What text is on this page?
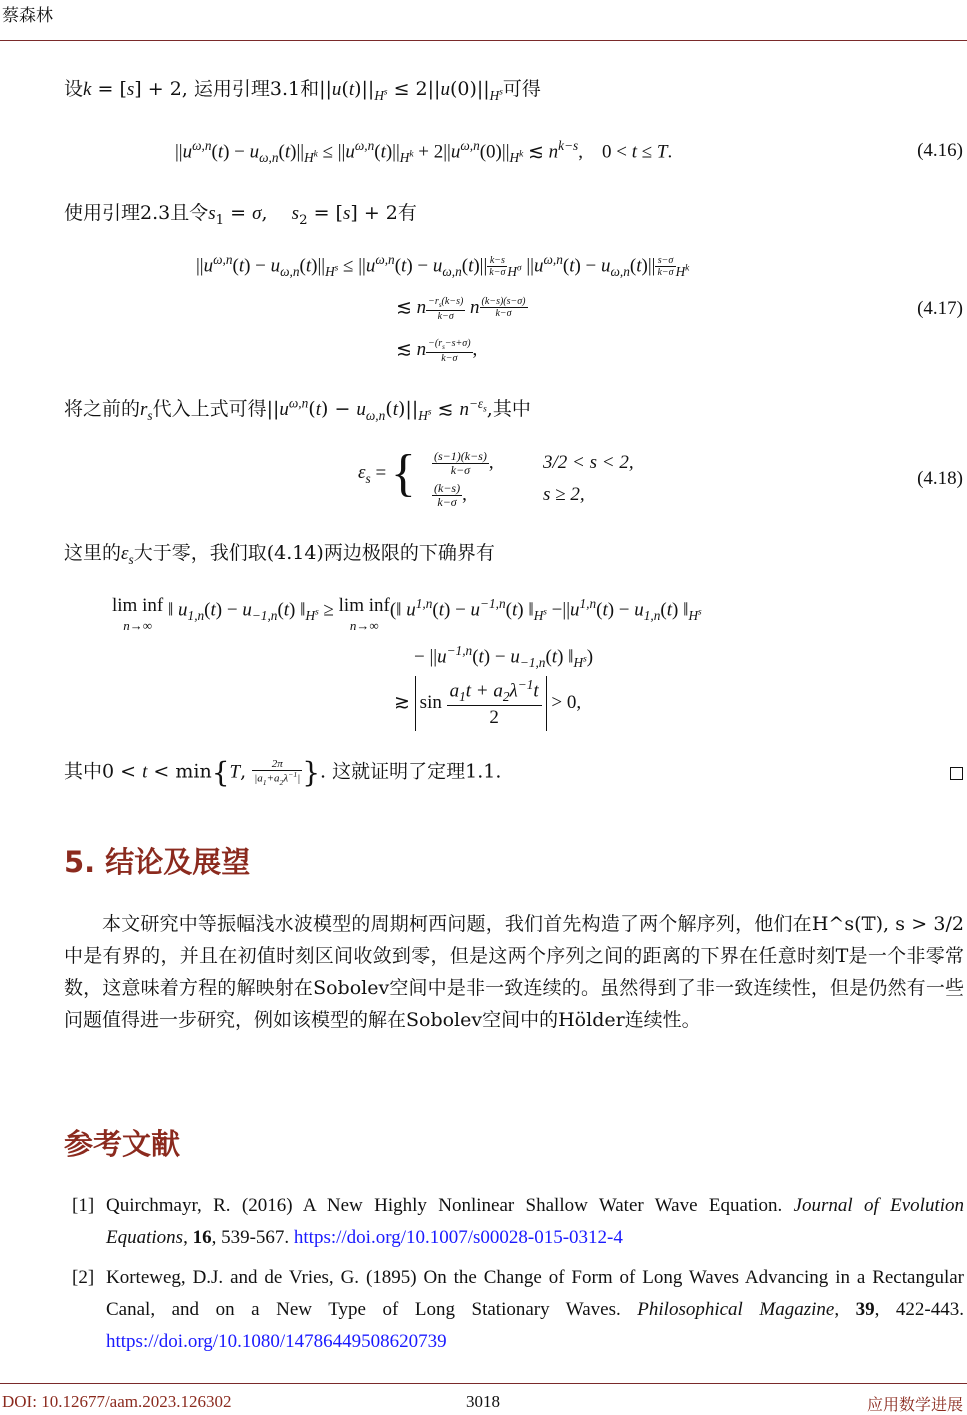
蔡森林
设k = [s] + 2, 运用引理3.1和$||u(t)||_{H^s} \le 2||u(0)||_{H^s}$可得
$||u^{\omega,n}(t) - u_{\omega,n}(t)||_{H^k} \le ||u^{\omega,n}(t)||_{H^k} + 2||u^{\omega,n}(0)||_{H^k}$ ≲ $n^{k-s}$,    0 < t ≤ T.	(4.16)
使用引理2.3且令$s_1 = \sigma$,    $s_2 = [s] + 2$有
$||u^{\omega,n}(t) - u_{\omega,n}(t)||_{H^s} \le ||u^{\omega,n}(t) - u_{\omega,n}(t)|| \frac{k-s}{k-\sigma} _{H^\sigma}$ $||u^{\omega,n}(t) - u_{\omega,n}(t)|| \frac{s-\sigma}{k-\sigma} _{H^k}$
≲ n $\frac{-r_s(k-s)}{k-\sigma}$ n $\frac{(k-s)(s-\sigma)}{k-\sigma}$	(4.17)
≲ n $\frac{-(r_s-s+\sigma)}{k-\sigma}$ ,
将之前的$r_s$代入上式可得$||u^{\omega,n}(t) - u_{\omega,n}(t)||_{H^s}$ ≲ $n^{-\varepsilon_s}$,其中
$\varepsilon_s$ = { $\frac{(s-1)(k-s)}{k-\sigma}$ ,	3/2 < s < 2,
$\frac{(k-s)}{k-\sigma}$ ,	s ≥ 2,
(4.18)
这里的$\varepsilon_s$大于零，我们取(4.14)两边极限的下确界有
lim inf
n→∞ ‖ $u_{1,n}(t) - u_{-1,n}(t)$ $‖_{H^s} \ge \lim$ inf
n→∞(‖ $u^{1,n}(t) - u^{-1,n}(t)$ $‖_{H^s} -||u^{1,n}(t) - u_{1,n}(t)$ $‖_{H^s}$
− $||u^{-1,n}(t) - u_{-1,n}(t)$ $‖_{H^s}$)
≳ $\sin \frac{a_1t + a_2\lambda^{-1}t}{2} > 0$,
其中0 < t < min{T, $\frac{2\pi}{|a_1+a_2\lambda^{-1}|}$ }. 这就证明了定理1.1.
5. 结论及展望
本文研究中等振幅浅水波模型的周期柯西问题，我们首先构造了两个解序列，他们在H^s(𝕋), s > 3/2中是有界的，并且在初值时刻区间收敛到零，但是这两个序列之间的距离的下界在任意时刻T是一个非零常数，这意味着方程的解映射在Sobolev空间中是非一致连续的。虽然得到了非一致连续性，但是仍然有一些问题值得进一步研究，例如该模型的解在Sobolev空间中的Hölder连续性。
参考文献
[1] Quirchmayr, R. (2016) A New Highly Nonlinear Shallow Water Wave Equation. Journal of Evolution Equations, 16, 539-567. https://doi.org/10.1007/s00028-015-0312-4
[2] Korteweg, D.J. and de Vries, G. (1895) On the Change of Form of Long Waves Advancing in a Rectangular Canal, and on a New Type of Long Stationary Waves. Philosophical Magazine, 39, 422-443. https://doi.org/10.1080/14786449508620739
DOI: 10.12677/aam.2023.126302	3018	应用数学进展
